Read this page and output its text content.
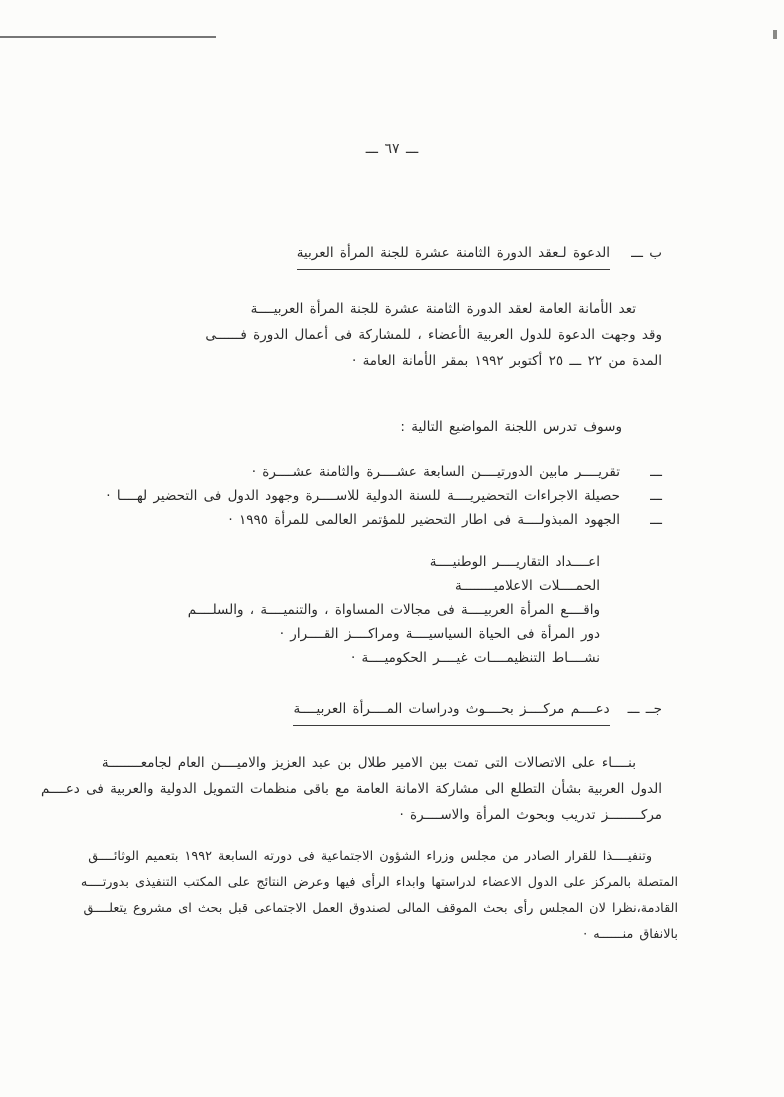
ـــ ٦٧ ـــ
ب ـــ
الدعوة لـعقد الدورة الثامنة عشرة للجنة المرأة العربية
تعد الأمانة العامة لعقد الدورة الثامنة عشرة للجنة المرأة العربيــــة
وقد وجهت الدعوة للدول العربية الأعضاء ، للمشاركة فى أعمال الدورة فــــــى
المدة من ٢٢ ـــ ٢٥ أكتوبر ١٩٩٢ بمقر الأمانة العامة ·
وسوف تدرس اللجنة المواضيع التالية :
ـــ
تقريــــر مابين الدورتيــــن السابعة عشــــرة والثامنة عشــــرة ·
ـــ
حصيلة الاجراءات التحضيريــــة للسنة الدولية للاســــرة وجهود الدول فى التحضير لهــــا ·
ـــ
الجهود المبذولــــة فى اطار التحضير للمؤتمر العالمى للمرأة ١٩٩٥ ·
اعــــداد التقاريــــر الوطنيــــة
الحمــــلات الاعلاميــــــــة
واقــــع المرأة العربيــــة فى مجالات المساواة ، والتنميــــة ، والسلــــم
دور المرأة فى الحياة السياسيــــة ومراكــــز القــــرار ·
نشــــاط التنظيمــــات غيــــر الحكوميــــة ·
جــ ـــ
دعــــم مركــــز بحــــوث ودراسات المــــرأة العربيــــة
بنــــاء على الاتصالات التى تمت بين الامير طلال بن عبد العزيز والاميــــن العام لجامعــــــــة
الدول العربية بشأن التطلع الى مشاركة الامانة العامة مع باقى منظمات التمويل الدولية والعربية فى دعــــم
مركــــــــز تدريب وبحوث المرأة والاســــرة ·
وتنفيــــذا للقرار الصادر من مجلس وزراء الشؤون الاجتماعية فى دورته السابعة ١٩٩٢ بتعميم الوثائــــق
المتصلة بالمركز على الدول الاعضاء لدراستها وابداء الرأى فيها وعرض النتائج على المكتب التنفيذى بدورتــــه
القادمة،نظرا لان المجلس رأى بحث الموقف المالى لصندوق العمل الاجتماعى قبل بحث اى مشروع يتعلــــق
بالانفاق منــــــه ·
